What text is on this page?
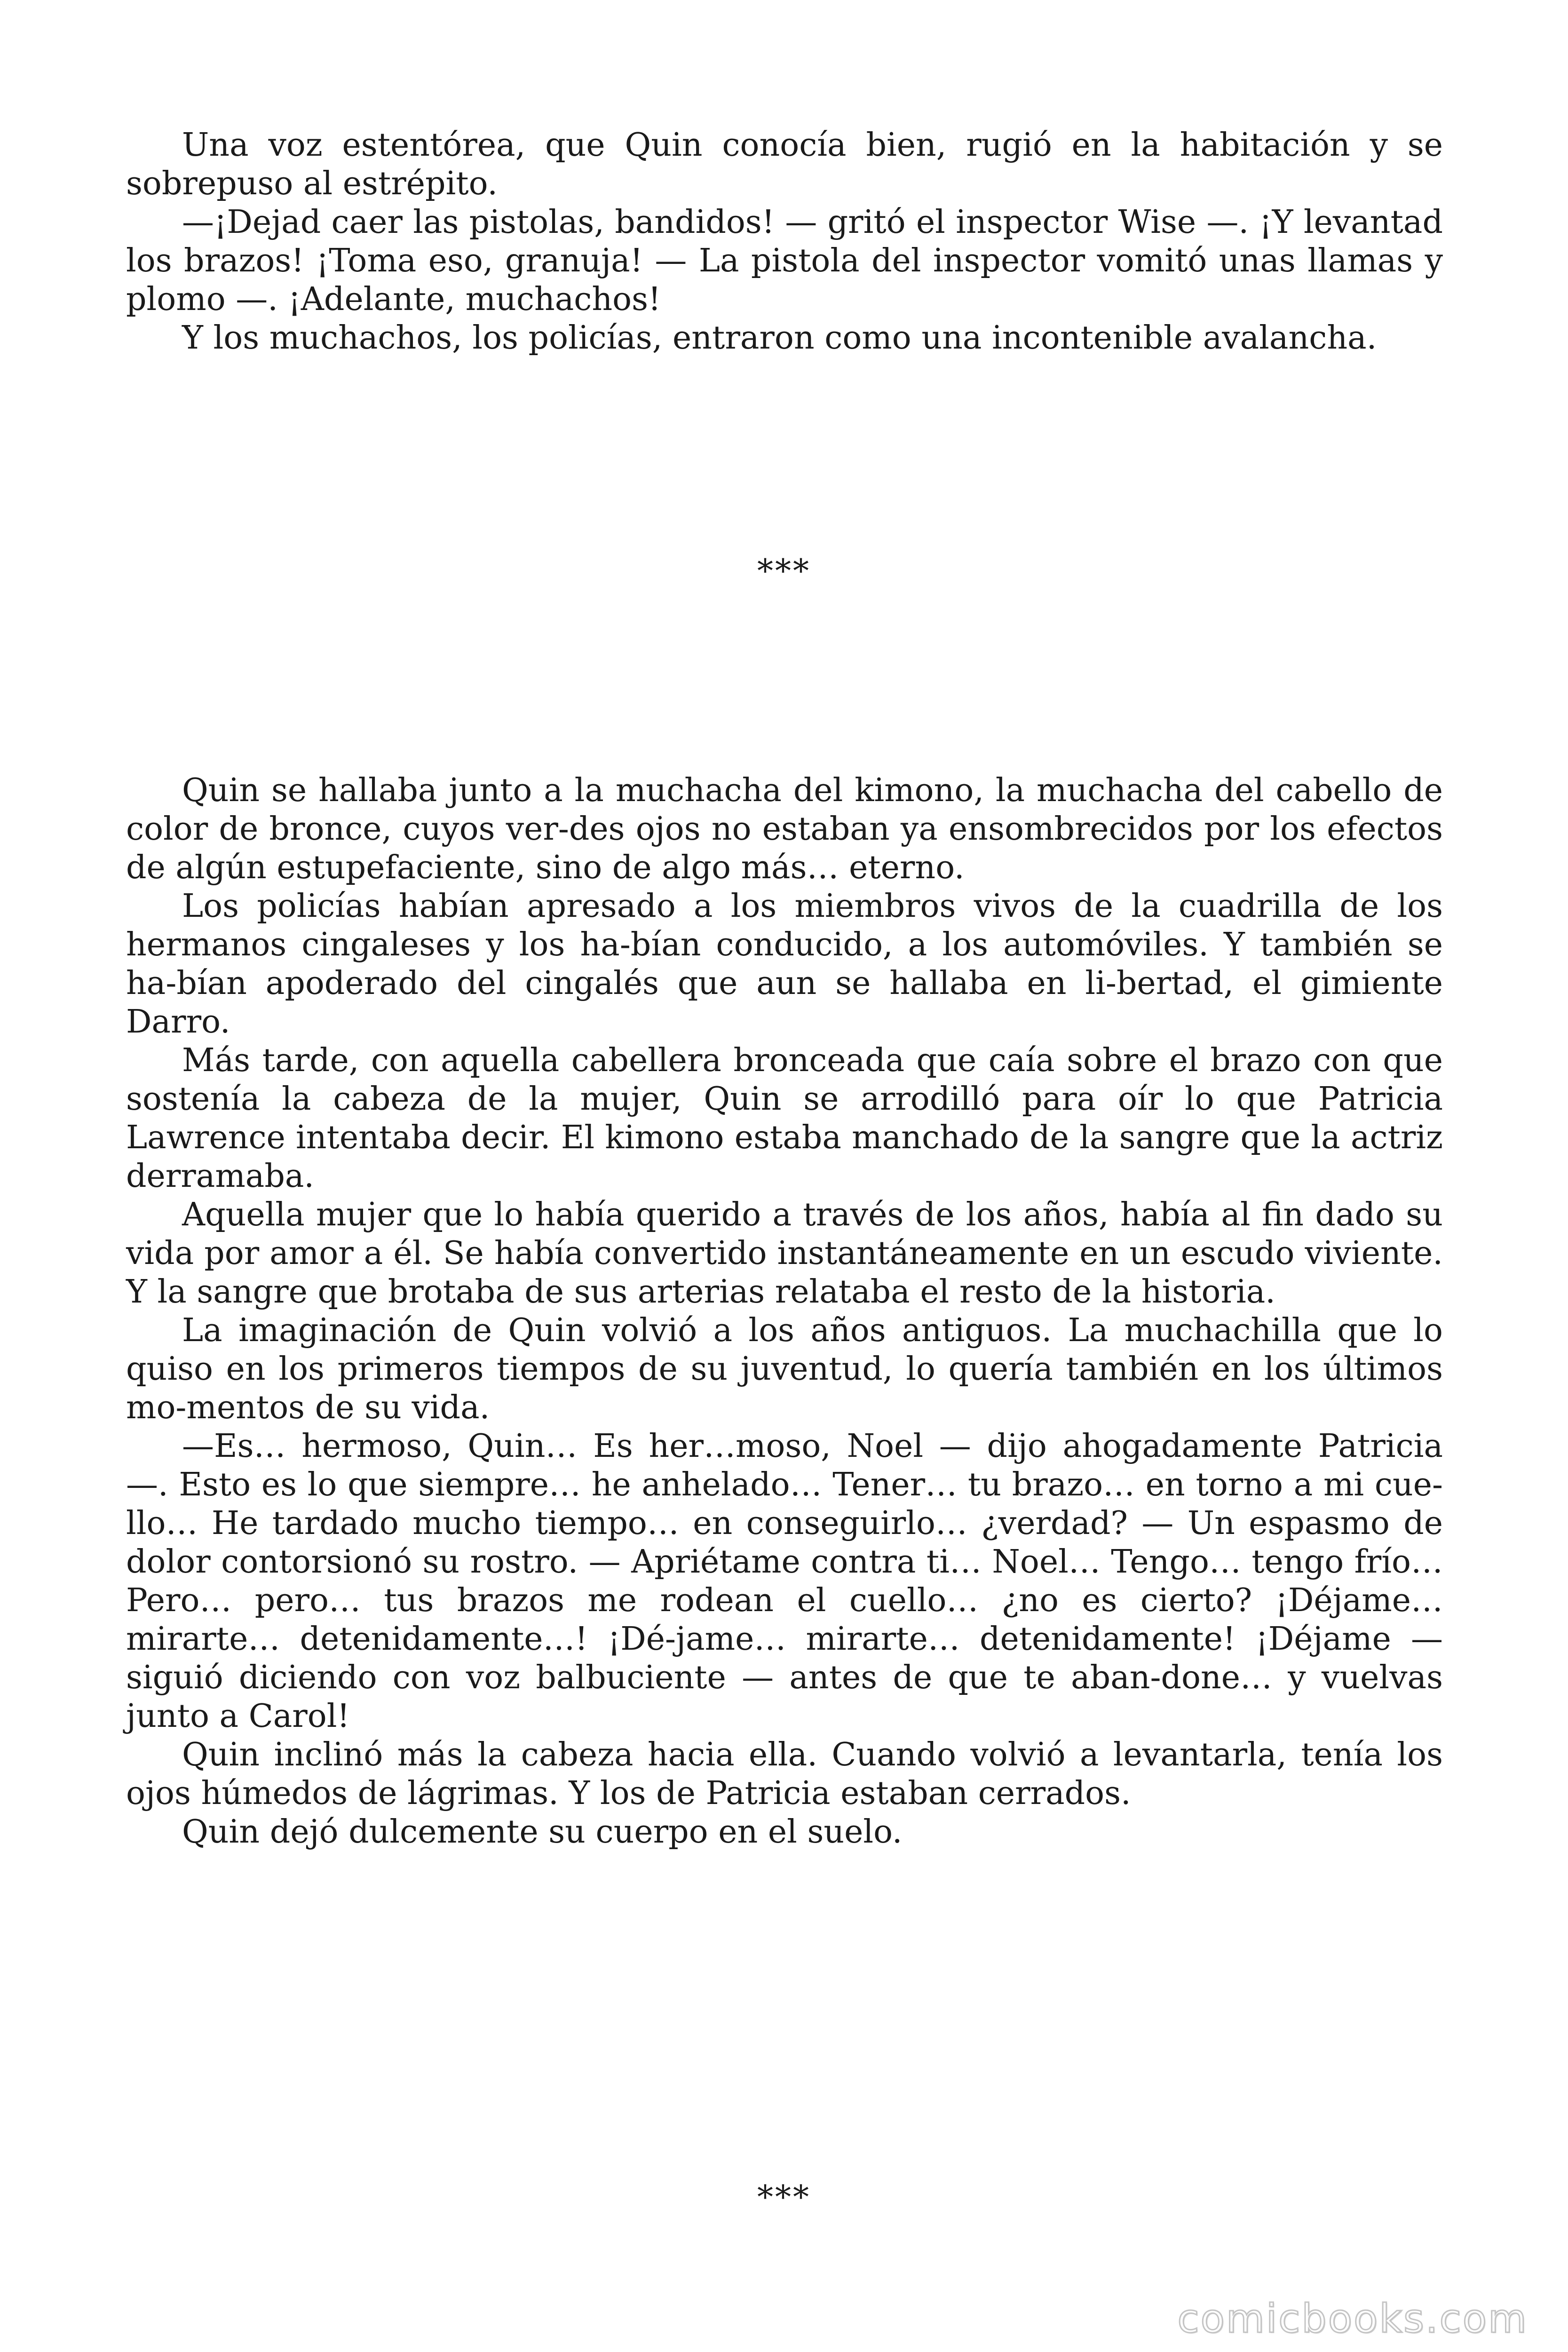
Una voz estentórea, que Quin conocía bien, rugió en la habitación y se sobrepuso al estrépito.

—¡Dejad caer las pistolas, bandidos! — gritó el inspector Wise —. ¡Y levantad los brazos! ¡Toma eso, granuja! — La pistola del inspector vomitó unas llamas y plomo —. ¡Adelante, muchachos!

Y los muchachos, los policías, entraron como una incontenible avalancha.

***

Quin se hallaba junto a la muchacha del kimono, la muchacha del cabello de color de bronce, cuyos ver-des ojos no estaban ya ensombrecidos por los efectos de algún estupefaciente, sino de algo más… eterno.

Los policías habían apresado a los miembros vivos de la cuadrilla de los hermanos cingaleses y los ha-bían conducido, a los automóviles. Y también se ha-bían apoderado del cingalés que aun se hallaba en li-bertad, el gimiente Darro.

Más tarde, con aquella cabellera bronceada que caía sobre el brazo con que sostenía la cabeza de la mujer, Quin se arrodilló para oír lo que Patricia Lawrence intentaba decir. El kimono estaba manchado de la sangre que la actriz derramaba.

Aquella mujer que lo había querido a través de los años, había al fin dado su vida por amor a él. Se había convertido instantáneamente en un escudo viviente. Y la sangre que brotaba de sus arterias relataba el resto de la historia.

La imaginación de Quin volvió a los años antiguos. La muchachilla que lo quiso en los primeros tiempos de su juventud, lo quería también en los últimos mo-mentos de su vida.

—Es… hermoso, Quin… Es her…moso, Noel — dijo ahogadamente Patricia —. Esto es lo que siempre… he anhelado… Tener… tu brazo… en torno a mi cue-llo… He tardado mucho tiempo… en conseguirlo… ¿verdad? — Un espasmo de dolor contorsionó su rostro. — Apriétame contra ti… Noel… Tengo… tengo frío… Pero… pero… tus brazos me rodean el cuello… ¿no es cierto? ¡Déjame… mirarte… detenidamente…! ¡Dé-jame… mirarte… detenidamente! ¡Déjame — siguió diciendo con voz balbuciente — antes de que te aban-done… y vuelvas junto a Carol!

Quin inclinó más la cabeza hacia ella. Cuando volvió a levantarla, tenía los ojos húmedos de lágrimas. Y los de Patricia estaban cerrados.

Quin dejó dulcemente su cuerpo en el suelo.

***
comicbooks.com
